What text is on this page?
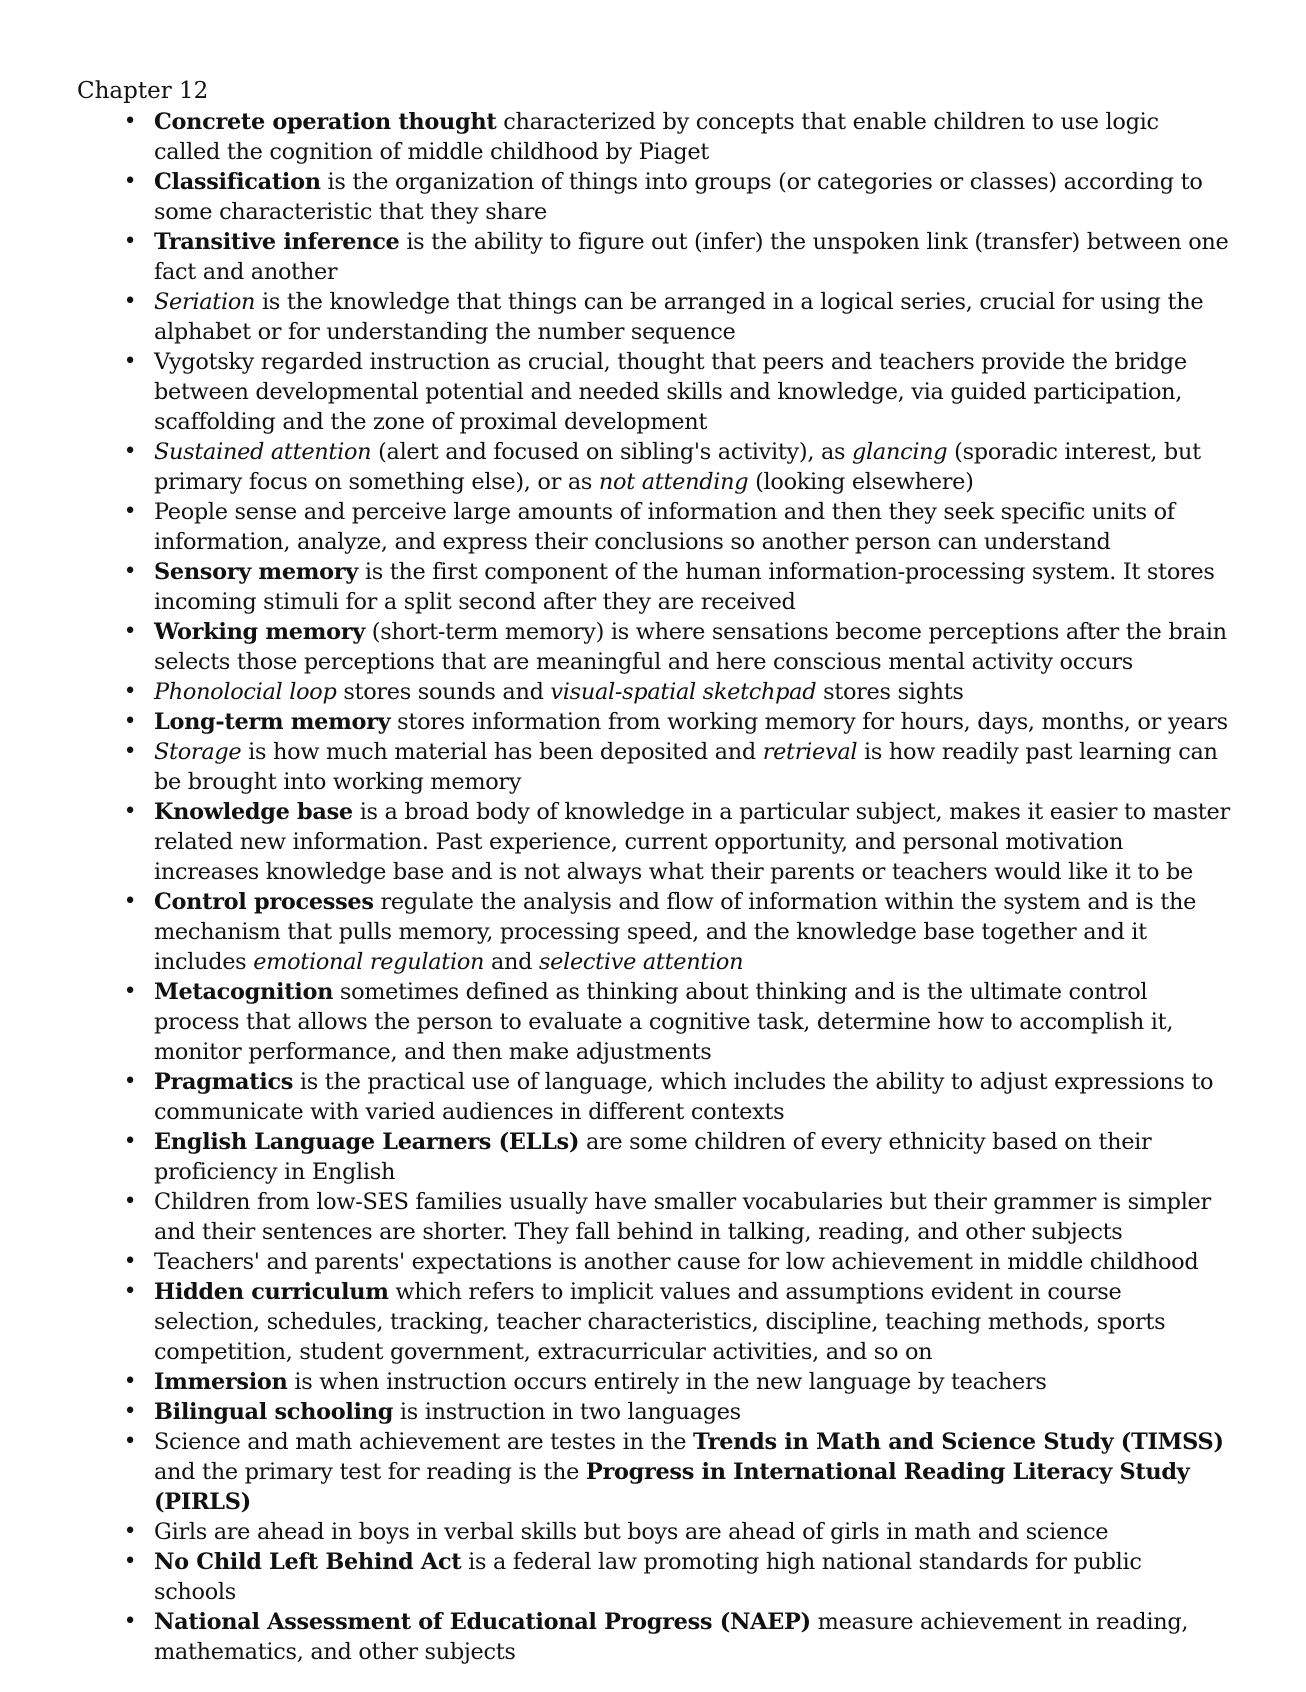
Chapter 12
• Concrete operation thought characterized by concepts that enable children to use logic called the cognition of middle childhood by Piaget
• Classification is the organization of things into groups (or categories or classes) according to some characteristic that they share
• Transitive inference is the ability to figure out (infer) the unspoken link (transfer) between one fact and another
• Seriation is the knowledge that things can be arranged in a logical series, crucial for using the alphabet or for understanding the number sequence
• Vygotsky regarded instruction as crucial, thought that peers and teachers provide the bridge between developmental potential and needed skills and knowledge, via guided participation, scaffolding and the zone of proximal development
• Sustained attention (alert and focused on sibling's activity), as glancing (sporadic interest, but primary focus on something else), or as not attending (looking elsewhere)
• People sense and perceive large amounts of information and then they seek specific units of information, analyze, and express their conclusions so another person can understand
• Sensory memory is the first component of the human information-processing system. It stores incoming stimuli for a split second after they are received
• Working memory (short-term memory) is where sensations become perceptions after the brain selects those perceptions that are meaningful and here conscious mental activity occurs
• Phonolocial loop stores sounds and visual-spatial sketchpad stores sights
• Long-term memory stores information from working memory for hours, days, months, or years
• Storage is how much material has been deposited and retrieval is how readily past learning can be brought into working memory
• Knowledge base is a broad body of knowledge in a particular subject, makes it easier to master related new information. Past experience, current opportunity, and personal motivation increases knowledge base and is not always what their parents or teachers would like it to be
• Control processes regulate the analysis and flow of information within the system and is the mechanism that pulls memory, processing speed, and the knowledge base together and it includes emotional regulation and selective attention
• Metacognition sometimes defined as thinking about thinking and is the ultimate control process that allows the person to evaluate a cognitive task, determine how to accomplish it, monitor performance, and then make adjustments
• Pragmatics is the practical use of language, which includes the ability to adjust expressions to communicate with varied audiences in different contexts
• English Language Learners (ELLs) are some children of every ethnicity based on their proficiency in English
• Children from low-SES families usually have smaller vocabularies but their grammer is simpler and their sentences are shorter. They fall behind in talking, reading, and other subjects
• Teachers' and parents' expectations is another cause for low achievement in middle childhood
• Hidden curriculum which refers to implicit values and assumptions evident in course selection, schedules, tracking, teacher characteristics, discipline, teaching methods, sports competition, student government, extracurricular activities, and so on
• Immersion is when instruction occurs entirely in the new language by teachers
• Bilingual schooling is instruction in two languages
• Science and math achievement are testes in the Trends in Math and Science Study (TIMSS) and the primary test for reading is the Progress in International Reading Literacy Study (PIRLS)
• Girls are ahead in boys in verbal skills but boys are ahead of girls in math and science
• No Child Left Behind Act is a federal law promoting high national standards for public schools
• National Assessment of Educational Progress (NAEP) measure achievement in reading, mathematics, and other subjects
